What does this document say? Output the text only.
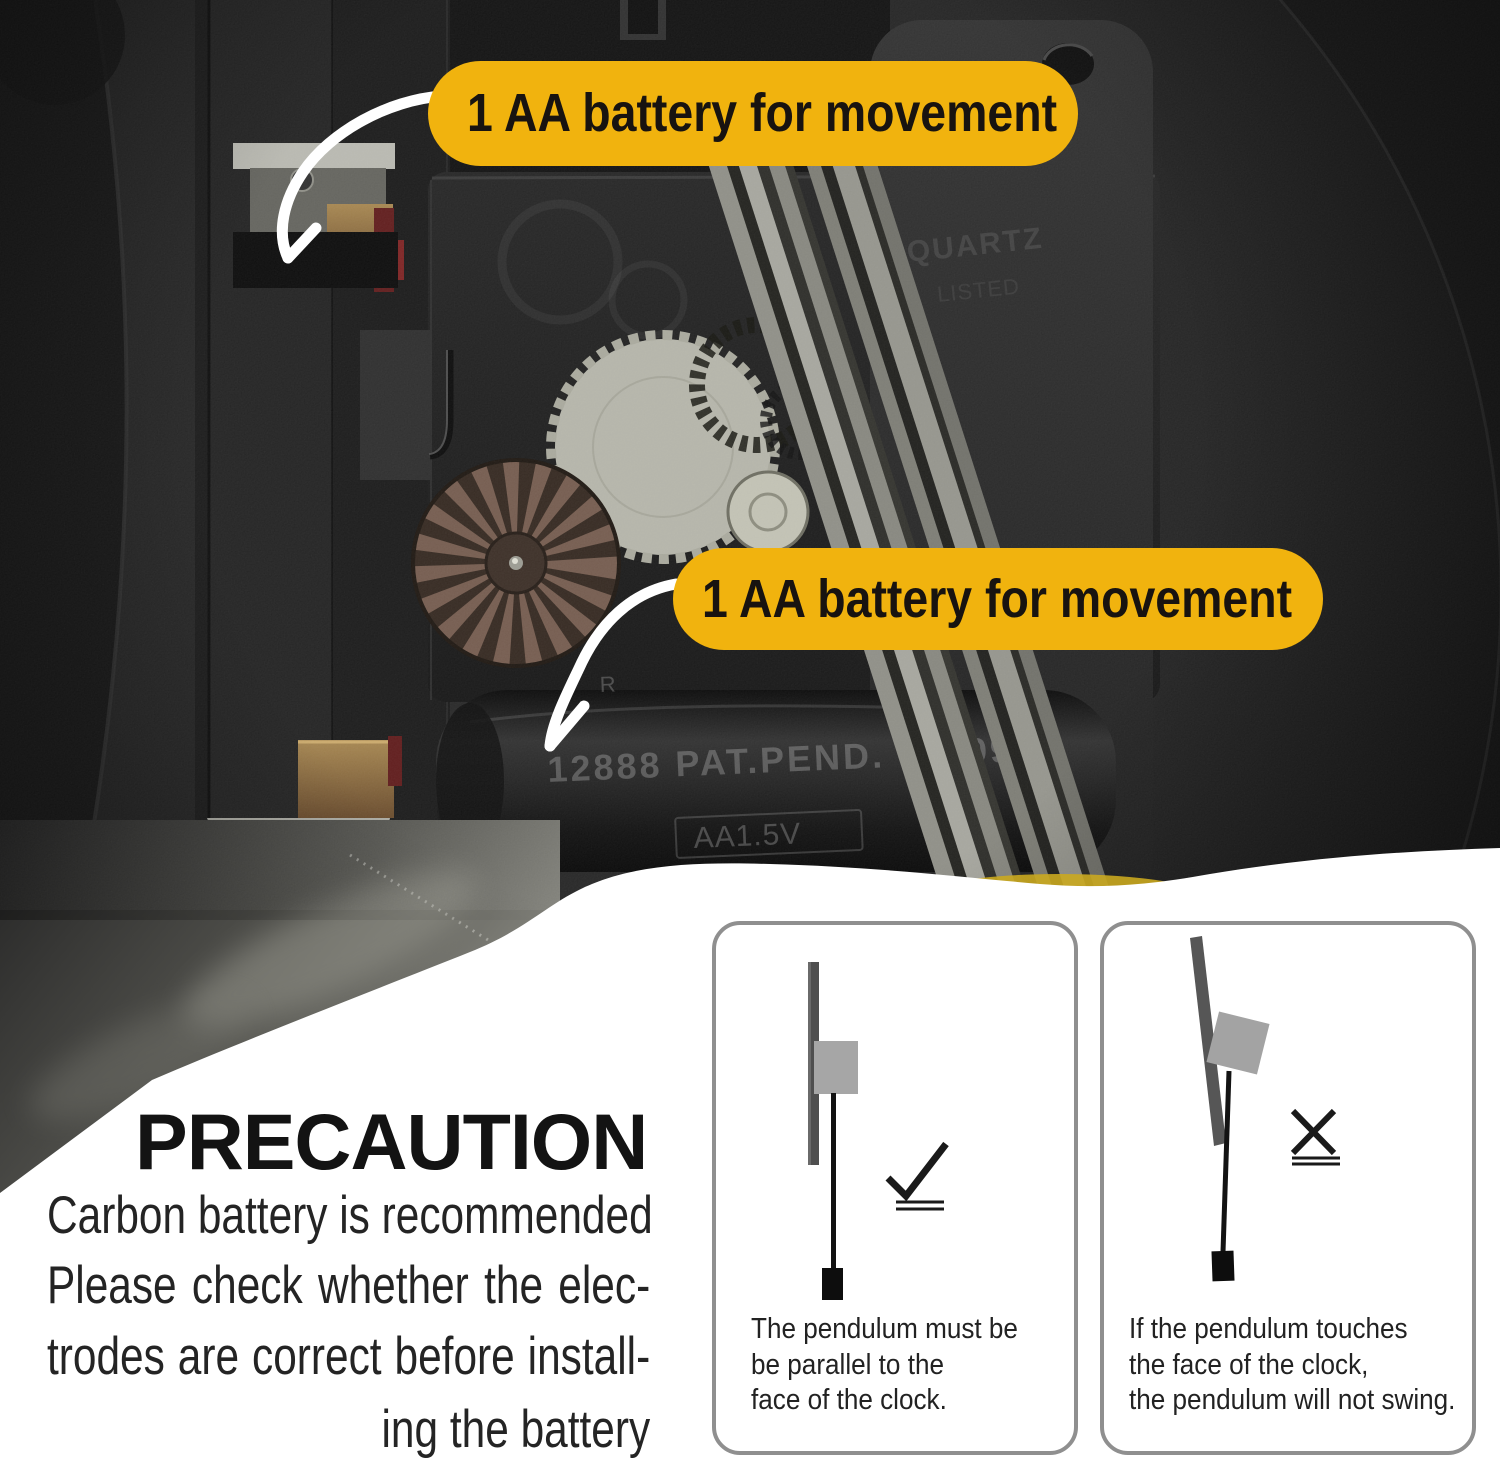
1 AA battery for movement
1 AA battery for movement
PRECAUTION
Carbon battery is recommended
Please check whether the elec-
trodes are correct before install-
ing the battery
The pendulum must be
be parallel to the
face of the clock.
If the pendulum touches
the face of the clock,
the pendulum will not swing.
